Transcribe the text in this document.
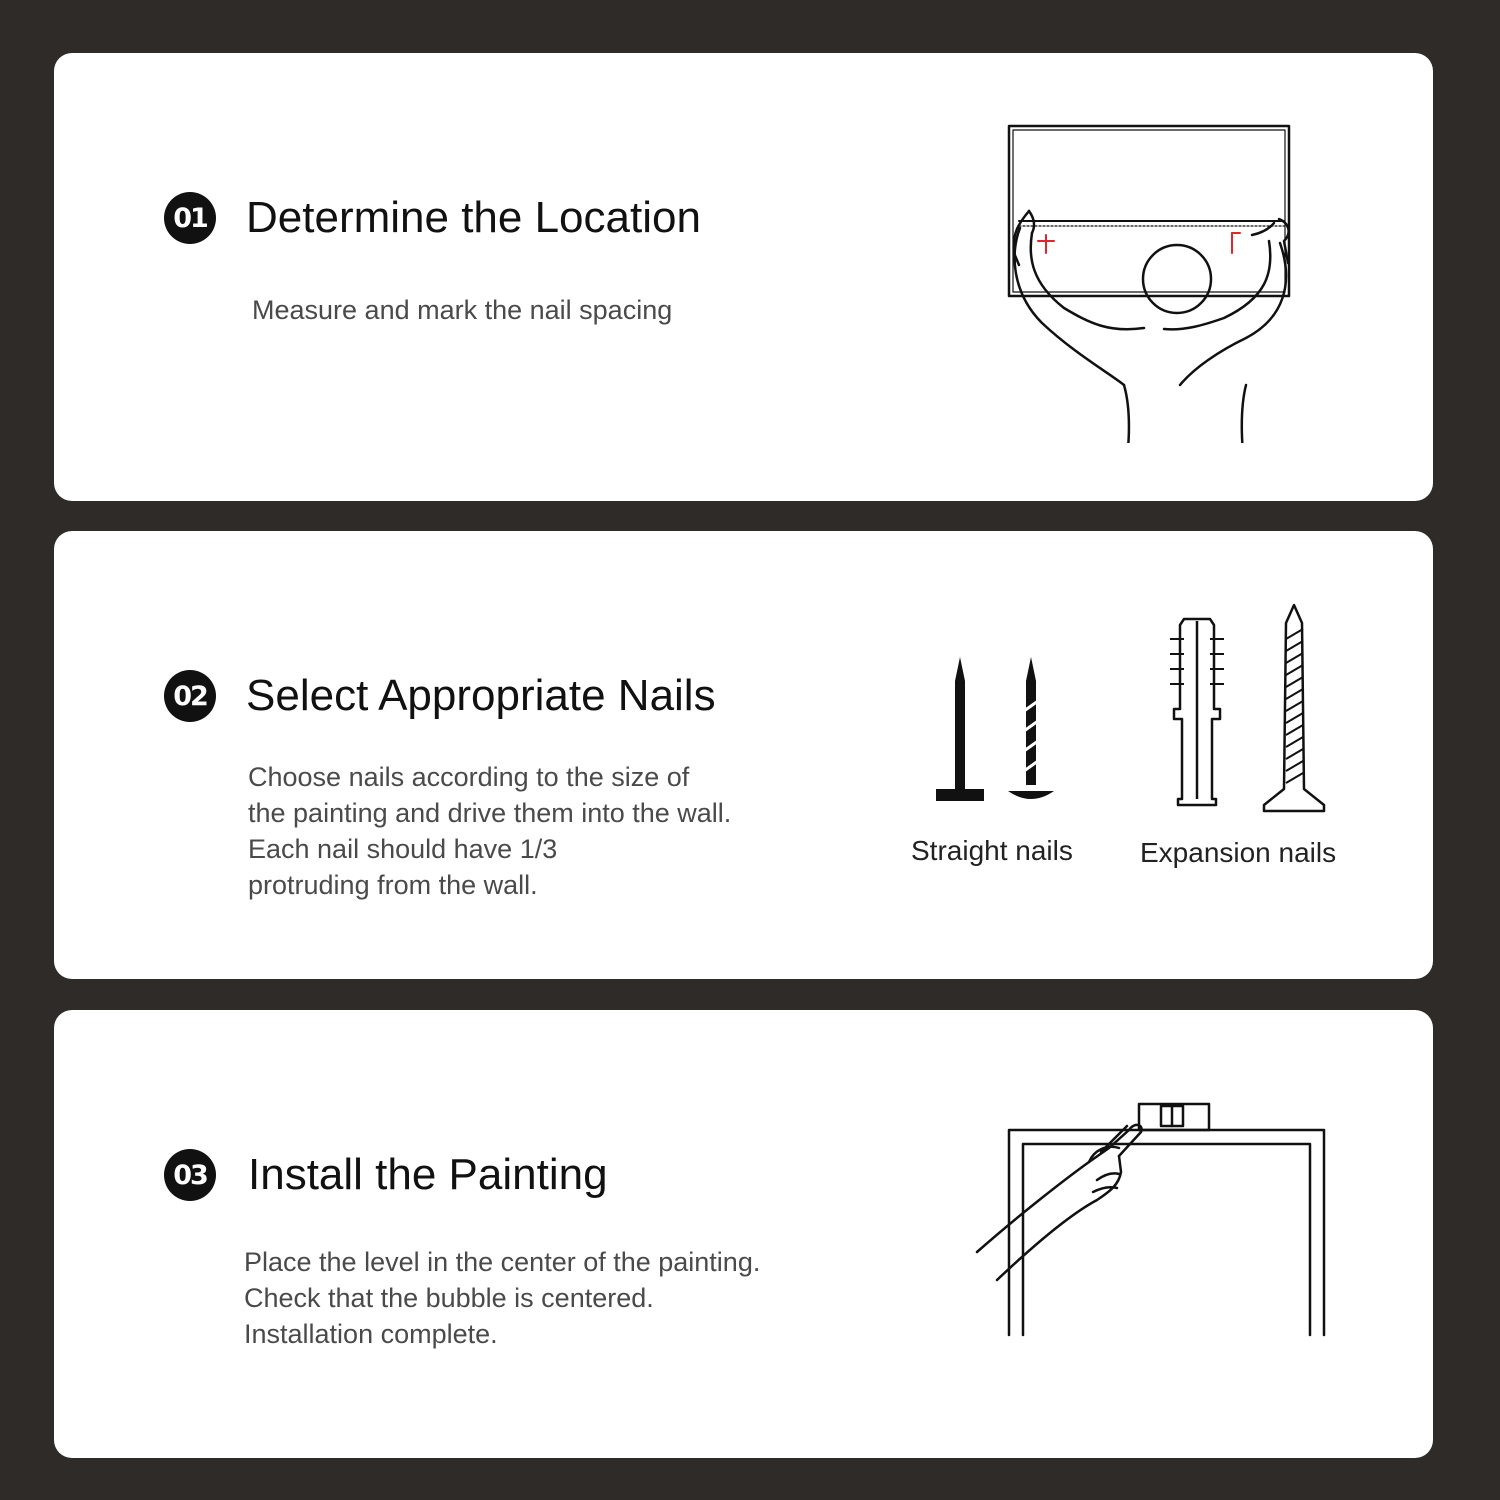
01 Determine the Location

Measure and mark the nail spacing

02 Select Appropriate Nails

Choose nails according to the size of
the painting and drive them into the wall.
Each nail should have 1/3
protruding from the wall.

Straight nails Expansion nails
03 Install the Painting

Place the level in the center of the painting.
Check that the bubble is centered.
Installation complete.
